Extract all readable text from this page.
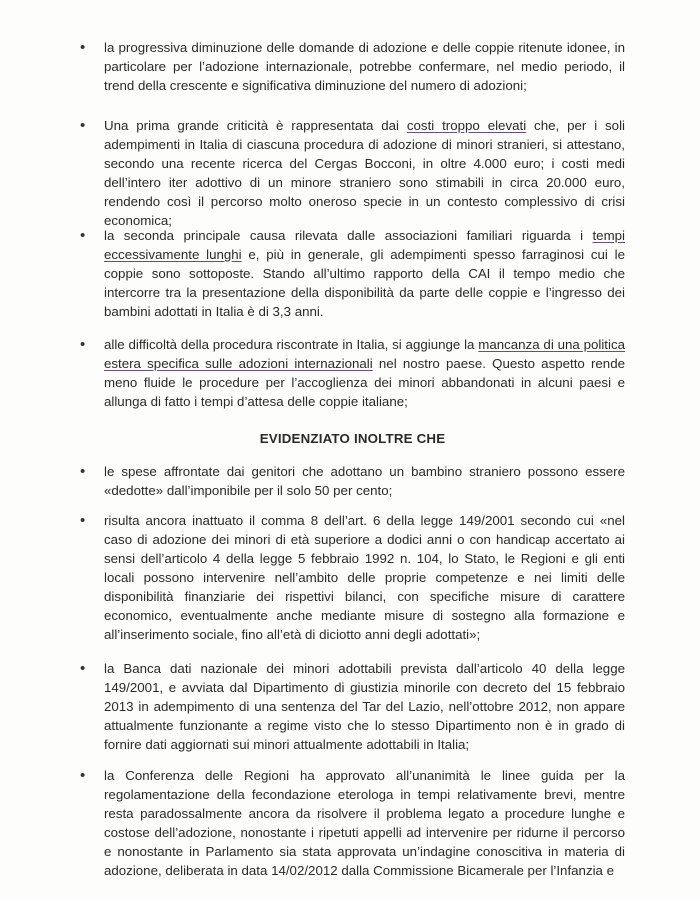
•	la progressiva diminuzione delle domande di adozione e delle coppie ritenute idonee, in particolare per l’adozione internazionale, potrebbe confermare, nel medio periodo, il trend della crescente e significativa diminuzione del numero di adozioni;
•	Una prima grande criticità è rappresentata dai costi troppo elevati che, per i soli adempimenti in Italia di ciascuna procedura di adozione di minori stranieri, si attestano, secondo una recente ricerca del Cergas Bocconi, in oltre 4.000 euro; i costi medi dell’intero iter adottivo di un minore straniero sono stimabili in circa 20.000 euro, rendendo così il percorso molto oneroso specie in un contesto complessivo di crisi economica;
•	la seconda principale causa rilevata dalle associazioni familiari riguarda i tempi eccessivamente lunghi e, più in generale, gli adempimenti spesso farraginosi cui le coppie sono sottoposte. Stando all’ultimo rapporto della CAI il tempo medio che intercorre tra la presentazione della disponibilità da parte delle coppie e l’ingresso dei bambini adottati in Italia è di 3,3 anni.
•	alle difficoltà della procedura riscontrate in Italia, si aggiunge la mancanza di una politica estera specifica sulle adozioni internazionali nel nostro paese. Questo aspetto rende meno fluide le procedure per l’accoglienza dei minori abbandonati in alcuni paesi e allunga di fatto i tempi d’attesa delle coppie italiane;
EVIDENZIATO INOLTRE CHE
•	le spese affrontate dai genitori che adottano un bambino straniero possono essere «dedotte» dall’imponibile per il solo 50 per cento;
•	risulta ancora inattuato il comma 8 dell’art. 6 della legge 149/2001 secondo cui «nel caso di adozione dei minori di età superiore a dodici anni o con handicap accertato ai sensi dell’articolo 4 della legge 5 febbraio 1992 n. 104, lo Stato, le Regioni e gli enti locali possono intervenire nell’ambito delle proprie competenze e nei limiti delle disponibilità finanziarie dei rispettivi bilanci, con specifiche misure di carattere economico, eventualmente anche mediante misure di sostegno alla formazione e all’inserimento sociale, fino all’età di diciotto anni degli adottati»;
•	la Banca dati nazionale dei minori adottabili prevista dall’articolo 40 della legge 149/2001, e avviata dal Dipartimento di giustizia minorile con decreto del 15 febbraio 2013 in adempimento di una sentenza del Tar del Lazio, nell’ottobre 2012, non appare attualmente funzionante a regime visto che lo stesso Dipartimento non è in grado di fornire dati aggiornati sui minori attualmente adottabili in Italia;
•	la Conferenza delle Regioni ha approvato all’unanimità le linee guida per la regolamentazione della fecondazione eterologa in tempi relativamente brevi, mentre resta paradossalmente ancora da risolvere il problema legato a procedure lunghe e costose dell’adozione, nonostante i ripetuti appelli ad intervenire per ridurne il percorso e nonostante in Parlamento sia stata approvata un’indagine conoscitiva in materia di adozione, deliberata in data 14/02/2012 dalla Commissione Bicamerale per l’Infanzia e
